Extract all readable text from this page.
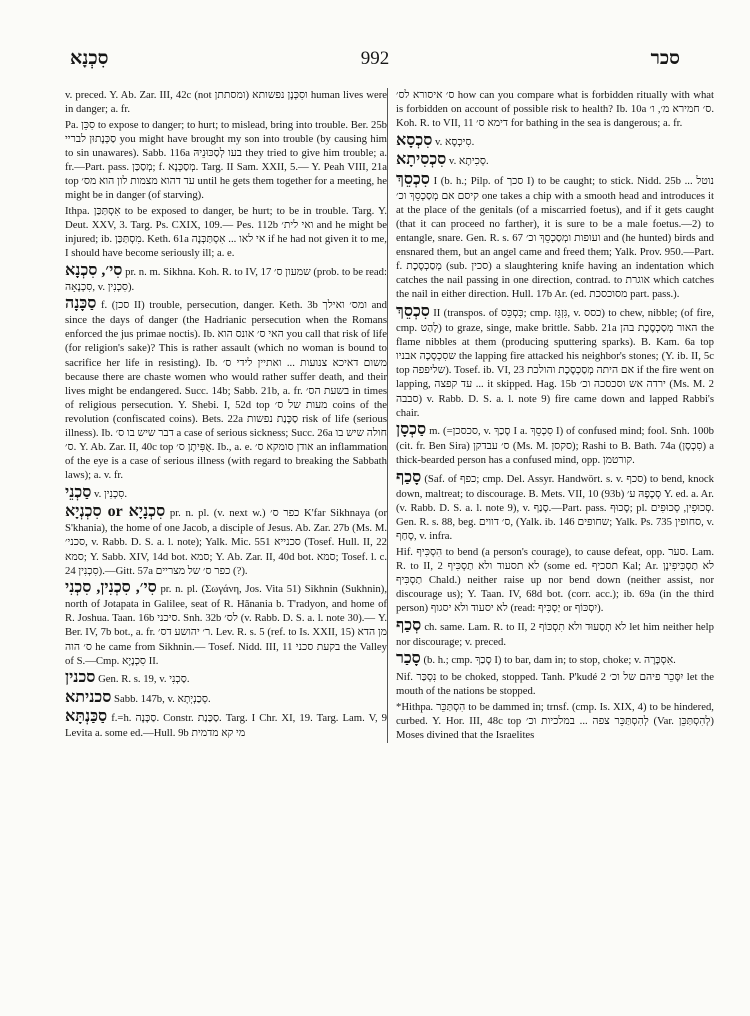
סִכְנָא	992	סכר

v. preced. Y. Ab. Zar. III, 42c (not ומסתתן) וסִכְּנָן נפשותא human lives were in danger; a. fr.

Pa. סִכֵּן to expose to danger; to hurt; to mislead, bring into trouble. Ber. 25b סַכְּנָתוּן לבריי you might have brought my son into trouble (by causing him to sin unawares). Sabb. 116a בעו לְסַכּוּנֵיהּ they tried to give him trouble; a. fr.—Part. pass. מְסַכַּן; f. מְסַכְּנָא. Targ. II Sam. XXII, 5.— Y. Peah VIII, 21a top עד דהוא מצמות לון הוא מס׳ until he gets them together for a meeting, he might be in danger (of starving).

Ithpa. אִסְתַּכַּן to be exposed to danger, be hurt; to be in trouble. Targ. Y. Deut. XXV, 3. Targ. Ps. CXIX, 109.— Pes. 112b ואי לית׳ and he might be injured; ib. מִסְתַּכַּן. Keth. 61a אי לאו ... אִסְתַּכְּנָה if he had not given it to me, I should have become seriously ill; a. e.

סִי׳, סִכְנָא pr. n. m. Sikhna. Koh. R. to IV, 17 שמעון ס׳ (prob. to be read: סִכְנָאָה, v. סִכְנִין).

סַכָּנָה f. (סכן II) trouble, persecution, danger. Keth. 3b ומס׳ ואילך and since the days of danger (the Hadrianic persecution when the Romans enforced the jus primae noctis). Ib. האי ס׳ אונס הוא you call that risk of life (for religion's sake)? This is rather assault (which no woman is bound to sacrifice her life in resisting). Ib. משום דאיכא צנועות ... ואתיין לידי ס׳ because there are chaste women who would rather suffer death, and their lives might be endangered. Succ. 14b; Sabb. 21b, a. fr. בשעת הס׳ in times of religious persecution. Y. Shebi. I, 52d top מעות של ס׳ coins of the revolution (confiscated coins). Bets. 22a סַכָּנַת נפשות risk of life (serious illness). Ib. דבר שיש בו ס׳ a case of serious sickness; Succ. 26a חולה שיש בו ס׳. Y. Ab. Zar. II, 40c top אֻפִּיתָן ס׳. Ib., a. e. אודן סומקא ס׳ an inflammation of the eye is a case of serious illness (with regard to breaking the Sabbath laws); a. v. fr.

סַכְנֵי v. סִכְנִין.

סִכְנָיָא or סִכְנְיָא pr. n. pl. (v. next w.) כפר ס׳ K'far Sikhnaya (or S'khania), the home of one Jacob, a disciple of Jesus. Ab. Zar. 27b (Ms. M. סכני׳, v. Rabb. D. S. a. l. note); Yalk. Mic. 551 סכנייא (Tosef. Hull. II, 22 סמא; Y. Sabb. XIV, 14d bot. סמא; Y. Ab. Zar. II, 40d bot. סמא; Tosef. l. c. 24 סִכְנִין).—Gitt. 57a כפר ס׳ של מצריים (?).

סִי׳, סִכְנִין, סִכְנִי pr. n. pl. (Σωγάνη, Jos. Vita 51) Sikhnin (Sukhnin), north of Jotapata in Galilee, seat of R. Hănania b. T'radyon, and home of R. Joshua. Taan. 16b סיכני. Snh. 32b לס׳ (v. Rabb. D. S. a. l. note 30).— Y. Ber. IV, 7b bot., a. fr. ר׳ יהושע דס׳. Lev. R. s. 5 (ref. to Is. XXII, 15) מן הדא ס׳ הוה he came from Sikhnin.— Tosef. Nidd. III, 11 בקעת סכני the Valley of S.—Cmp. סִכְנָיָא II.

סכנין Gen. R. s. 19, v. סַכְנִי.

סכניתא Sabb. 147b, v. סְכַנְיְתָא.

סַכַּנְתָּא f.=h. סַכָּנָה. Constr. סַכַּנַת. Targ. I Chr. XI, 19. Targ. Lam. V, 9 Levita a. some ed.—Hull. 9b מי קא מדמית

ס׳ איסורא לס׳ how can you compare what is forbidden ritually with what is forbidden on account of possible risk to health? Ib. 10a ס׳ חמירא מ׳, ו׳. Koh. R. to VII, 11 דימא ס׳ for bathing in the sea is dangerous; a. fr.

סִכְסָא v. סִיכְסָא.

סִכְסִיתָא v. סְכִיתָא.

סִכְסֵךְ I (b. h.; Pilp. of סכך I) to be caught; to stick. Nidd. 25b ... נוטל קיסם אם מְסַכְסֵךְ וכ׳ one takes a chip with a smooth head and introduces it at the place of the genitals (of a miscarried foetus), and if it gets caught (that it can proceed no farther), it is sure to be a male foetus.—2) to entangle, snare. Gen. R. s. 67 ועופות ומְסַכְסֵךְ וכ׳ and (he hunted) birds and ensnared them, but an angel came and freed them; Yalk. Prov. 950.—Part. f. מְסַכְסֶכֶת (sub. סכין) a slaughtering knife having an indentation which catches the nail passing in one direction, contrad. to אוגרת which catches the nail in either direction. Hull. 17b Ar. (ed. מסוכסכת part. pass.).

סִכְסֵךְ II (transpos. of כִּסְכֵּס; cmp. גִּזְגֵּז, v. כסס) to chew, nibble; (of fire, cmp. לָהַט) to graze, singe, make brittle. Sabb. 21a האור מְסַכְסֶכֶת בהן the flame nibbles at them (producing sputtering sparks). B. Kam. 6a top שסִכְסְכָה אבניו the lapping fire attacked his neighbor's stones; (Y. ib. II, 5c top שליפפה). Tosef. ib. VI, 23 אם היתה מְסַכְסֶכֶת והולכת if the fire went on lapping, עד קפצה ... it skipped. Hag. 15b ירדה אש וסכסכה וכ׳ (Ms. M. 2 סבבה) v. Rabb. D. S. a. l. note 9) fire came down and lapped Rabbi's chair.

סַכְסָן m. (=סכסכן, v. סָכַךְ I a. סִכְסֵךְ I) of confused mind; fool. Snh. 100b (cit. fr. Ben Sira) ס׳ עבדקן (Ms. M. סקסן); Rashi to B. Bath. 74a (סִכְסָן) a thick-bearded person has a confused mind, opp. קורטמן.

סָכַף (Saf. of כפף; cmp. Del. Assyr. Handwört. s. v. סכף) to bend, knock down, maltreat; to discourage. B. Mets. VII, 10 (93b) סְכָפָהּ ע׳ Y. ed. a. Ar. (v. Rabb. D. S. a. l. note 9), v. סָנַף.—Part. pass. סָכוּף; pl. סְכוּפִין, סְכוּפִים. Gen. R. s. 88, beg. ס׳ דווים, (Yalk. ib. 146 שחופים; Yalk. Ps. 735 סחופין, v. סָחַף, v. infra.

Hif. הִסְכִּיף to bend (a person's courage), to cause defeat, opp. סער. Lam. R. to II, 2 לא תסעוד ולא תַסְכִּיף (some ed. תסכיף Kal; Ar. לא תַסְכִּיפִינָן תַסְכִּיף Chald.) neither raise up nor bend down (neither assist, nor discourage us); Y. Taan. IV, 68d bot. (corr. acc.); ib. 69a (in the third person) לא יסעוד ולא יסגוף (read: יַסְכִּיף or יִסְכּוֹף).

סְכַף ch. same. Lam. R. to II, 2 לא תְסַעוּד ולא תִסְכּוֹף let him neither help nor discourage; v. preced.

סָכַר (b. h.; cmp. סָכַךְ I) to bar, dam in; to stop, choke; v. אִסְכָּרָה.

Nif. נִסְכַּר to be choked, stopped. Tanh. P'kudé 2 יִסָּכֵר פיהם של וכ׳ let the mouth of the nations be stopped.

*Hithpa. הִסְתַּכֵּר to be dammed in; trnsf. (cmp. Is. XIX, 4) to be hindered, curbed. Y. Hor. III, 48c top לְהִסְתַּכֵּר צפה ... במלכיות וכ׳ (Var. לְהִסְתַּכֵּן) Moses divined that the Israelites
